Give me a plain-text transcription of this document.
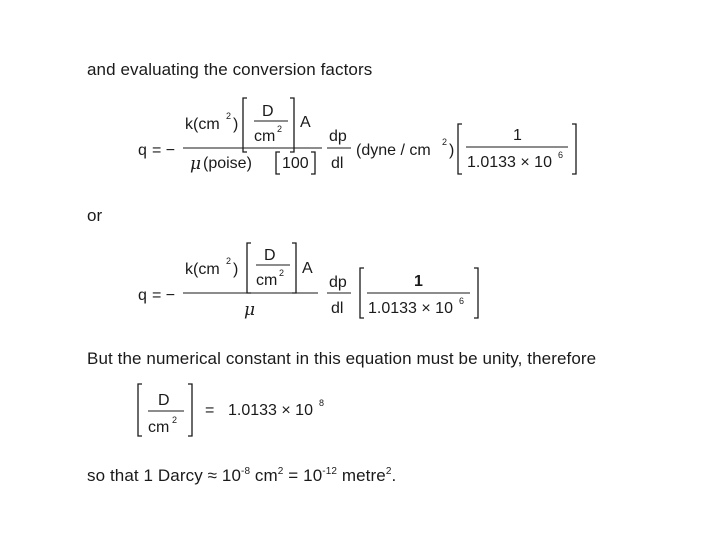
and evaluating the conversion factors
or
But the numerical constant in this equation must be unity, therefore
so that 1 Darcy ≈ $10^{-8}$ $cm^2 = 10^{-12}$ metre$^2$.
q = −
k(cm 2 )
D
cm 2 A
μ (poise) 100
dp
dl
(dyne / cm 2 )
1
1.0133 × 10 6
q = −
k(cm 2 )
D
cm 2 A
μ
dp
dl
1
1.0133 × 10 6
D
cm 2
= 1.0133 × 10 8
